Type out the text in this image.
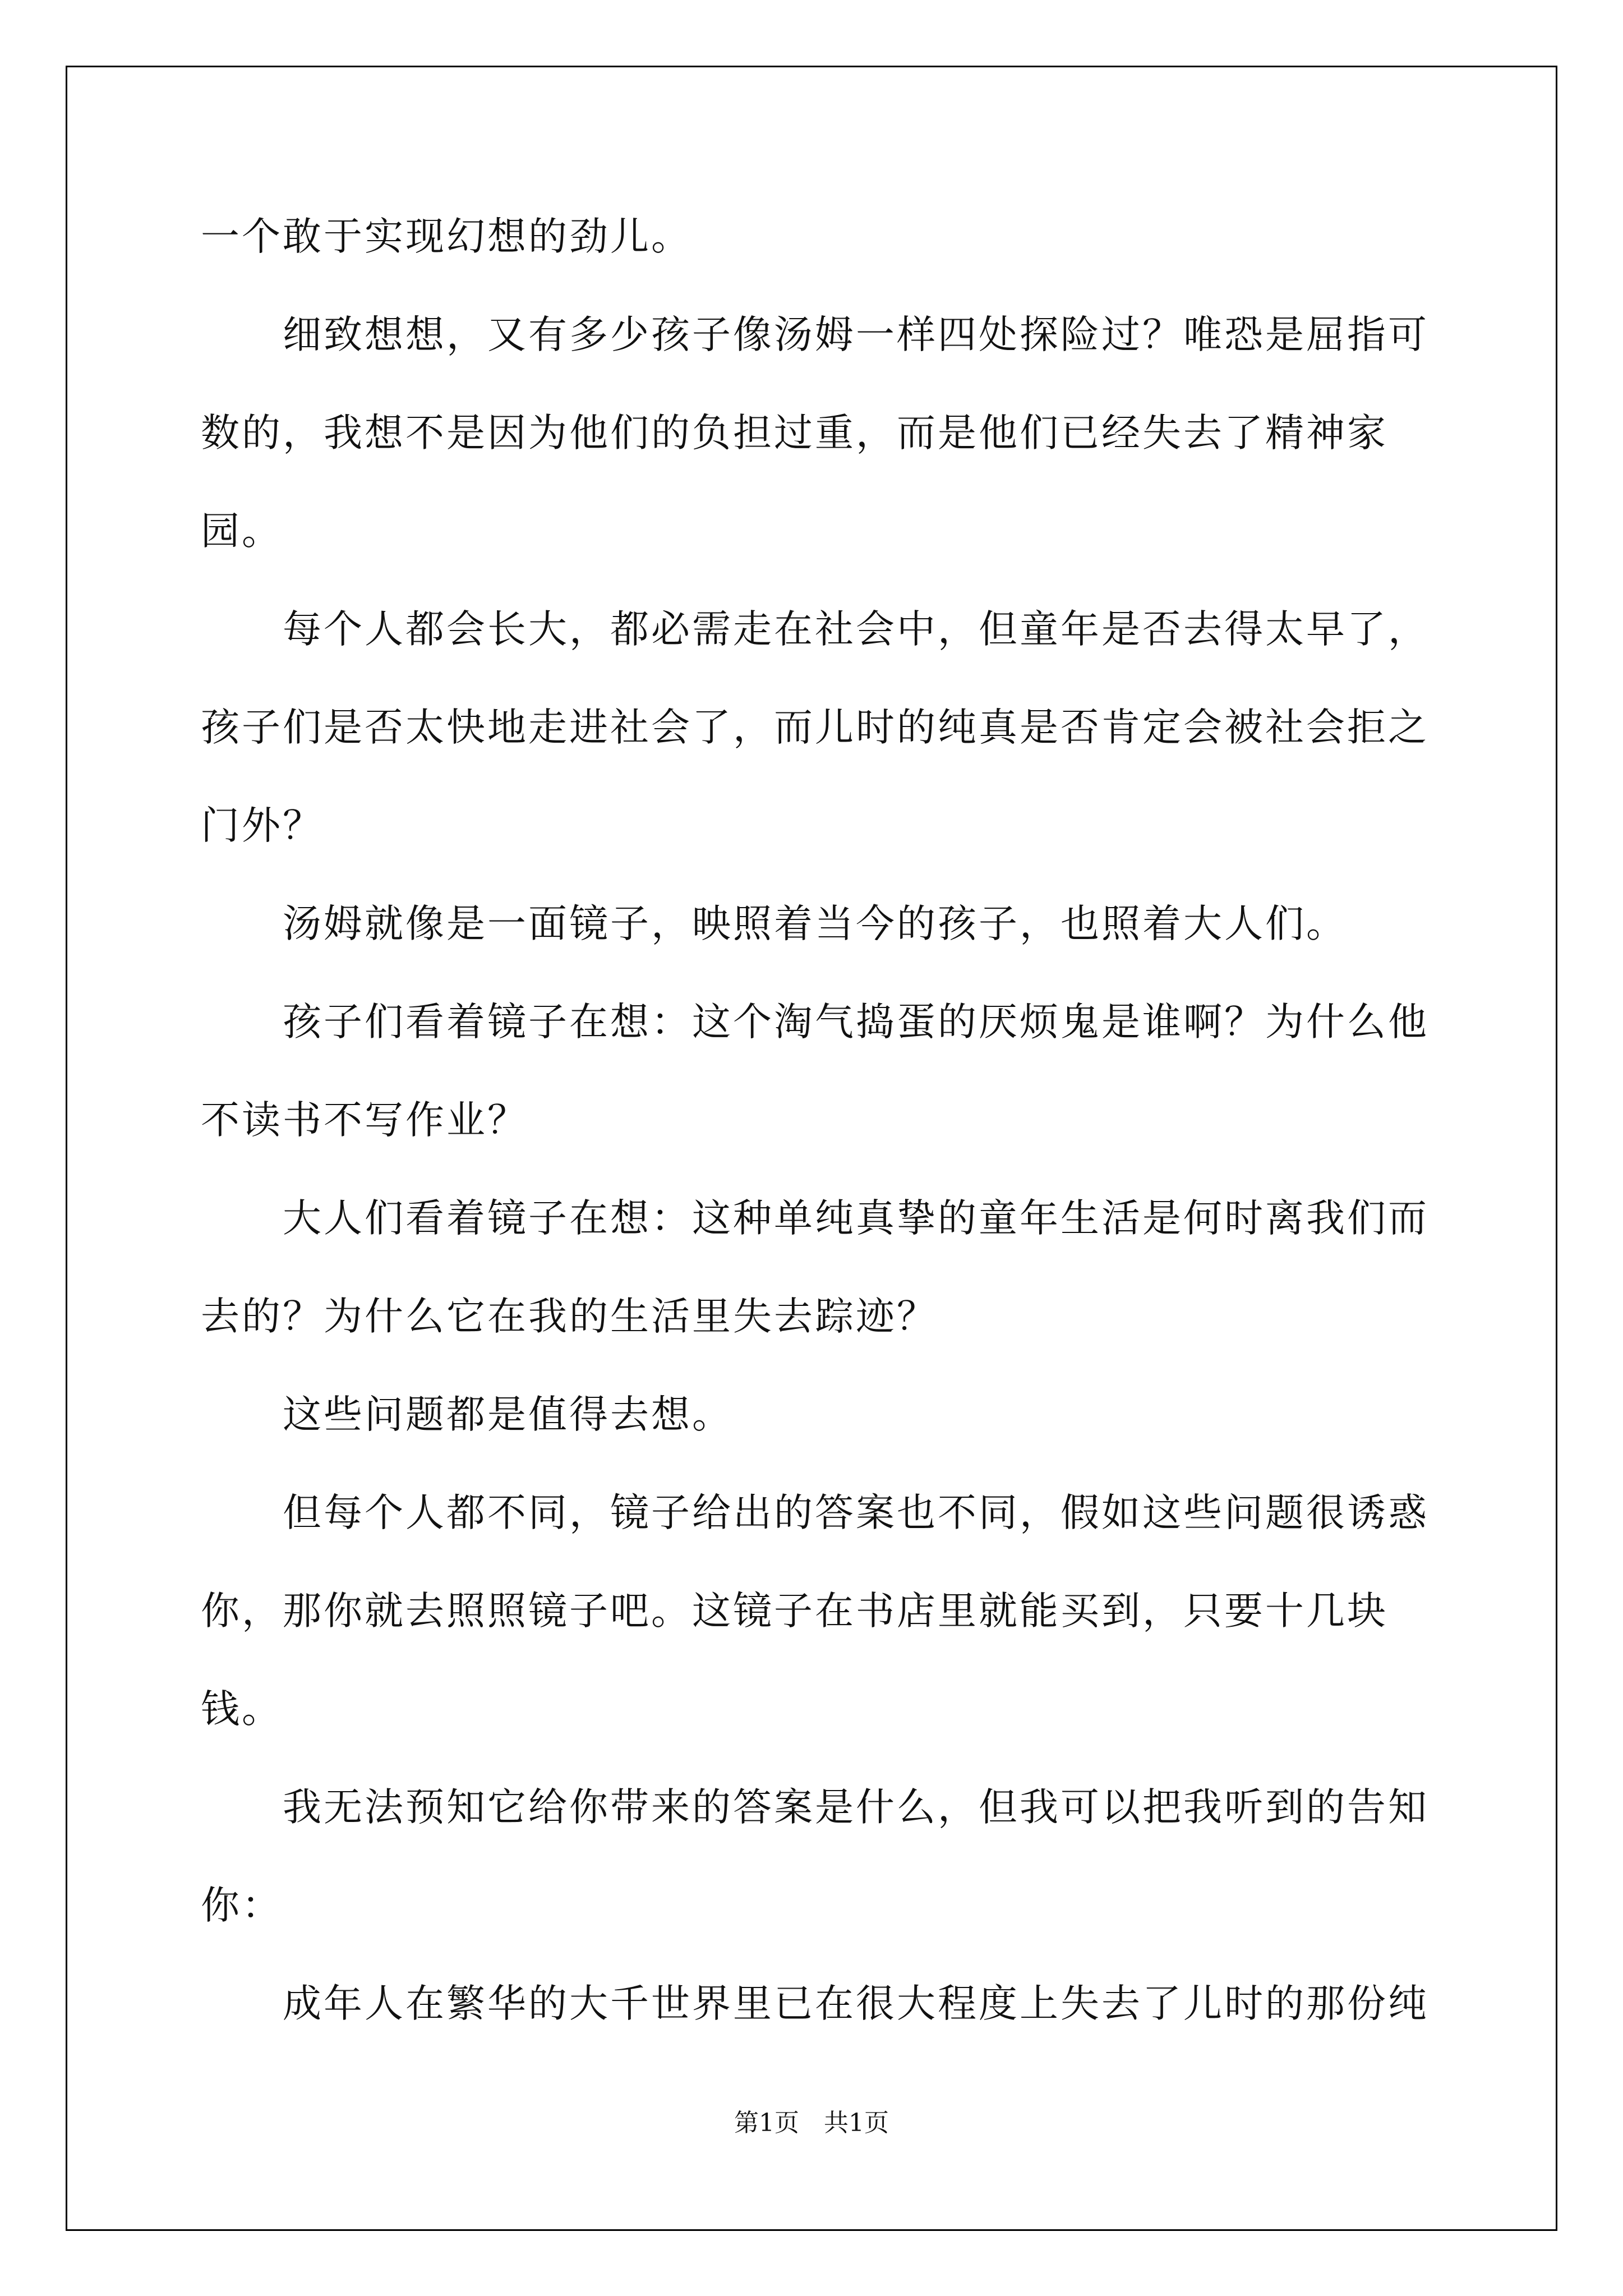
一个敢于实现幻想的劲儿。

细致想想，又有多少孩子像汤姆一样四处探险过？唯恐是屈指可数的，我想不是因为他们的负担过重，而是他们已经失去了精神家园。

每个人都会长大，都必需走在社会中，但童年是否去得太早了，孩子们是否太快地走进社会了，而儿时的纯真是否肯定会被社会拒之门外？

汤姆就像是一面镜子，映照着当今的孩子，也照着大人们。

孩子们看着镜子在想：这个淘气捣蛋的厌烦鬼是谁啊？为什么他不读书不写作业？

大人们看着镜子在想：这种单纯真挚的童年生活是何时离我们而去的？为什么它在我的生活里失去踪迹？

这些问题都是值得去想。

但每个人都不同，镜子给出的答案也不同，假如这些问题很诱惑你，那你就去照照镜子吧。这镜子在书店里就能买到，只要十几块钱。

我无法预知它给你带来的答案是什么，但我可以把我听到的告知你：

成年人在繁华的大千世界里已在很大程度上失去了儿时的那份纯

第1页 共1页
